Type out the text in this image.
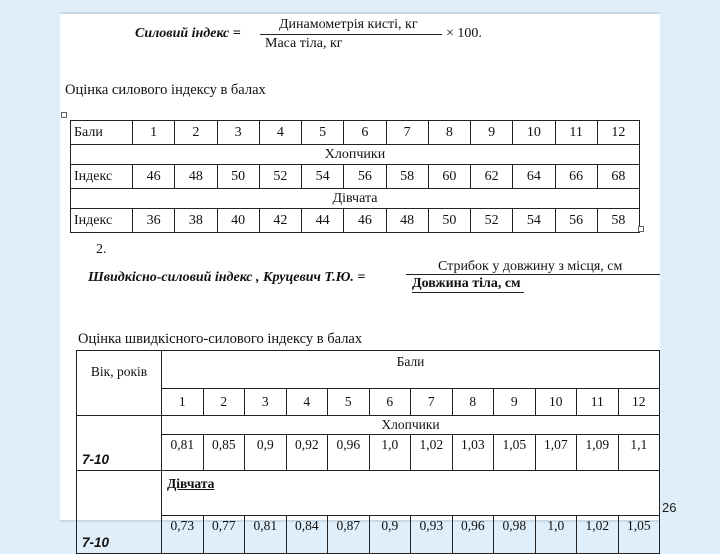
Силовий індекс =
Динамометрія кисті, кг
Маса тіла, кг
× 100.
Оцінка силового індексу в балах
Бали	1	2	3	4	5	6	7	8	9	10	11	12
Хлопчики												
Індекс	46	48	50	52	54	56	58	60	62	64	66	68
Дівчата												
Індекс	36	38	40	42	44	46	48	50	52	54	56	58
2.
Швидкісно-силовий індекс , Круцевич Т.Ю. =
Стрибок у довжину з місця, см
Довжина тіла, см
Оцінка швидкісного-силового індексу в балах
Вік, років	Бали											
	1	2	3	4	5	6	7	8	9	10	11	12
7-10	Хлопчики											
	0,81	0,85	0,9	0,92	0,96	1,0	1,02	1,03	1,05	1,07	1,09	1,1
7-10	Дівчата											
	0,73	0,77	0,81	0,84	0,87	0,9	0,93	0,96	0,98	1,0	1,02	1,05
26
